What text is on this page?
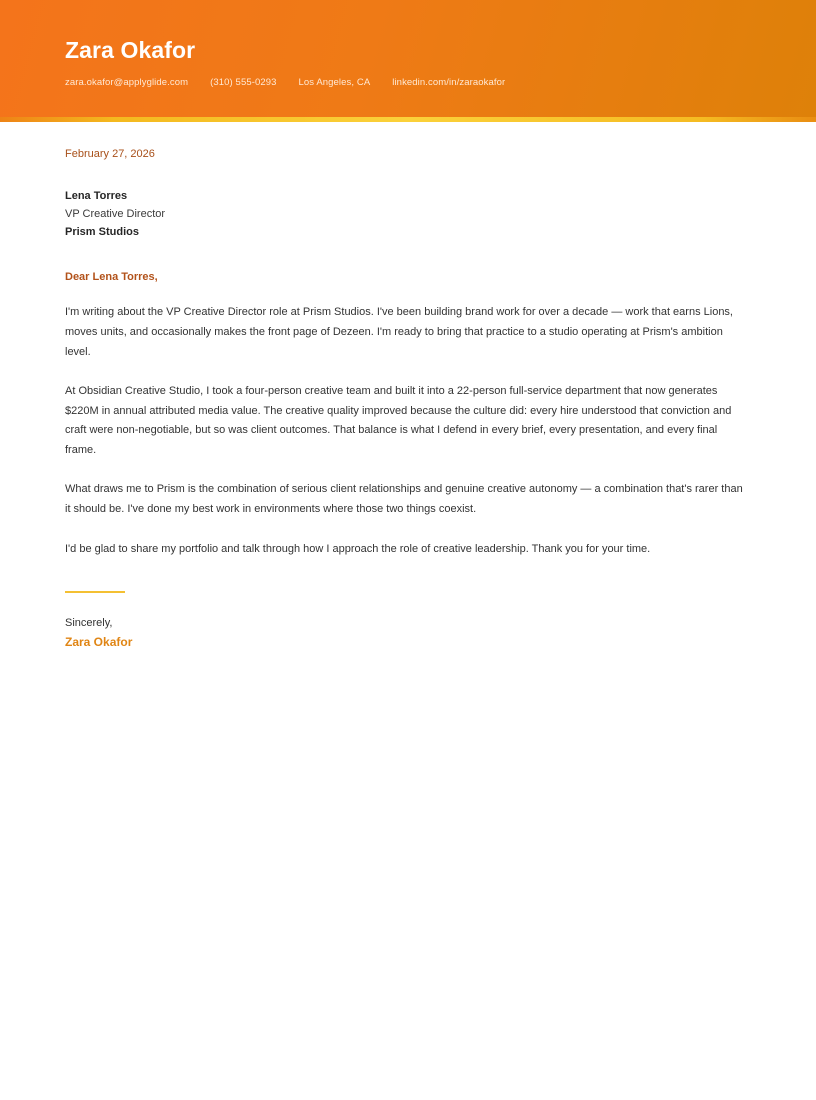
Zara Okafor
zara.okafor@applyglide.com (310) 555-0293 Los Angeles, CA linkedin.com/in/zaraokafor

February 27, 2026

Lena Torres
VP Creative Director
Prism Studios

Dear Lena Torres,

I'm writing about the VP Creative Director role at Prism Studios. I've been building brand work for over a decade — work that earns Lions, moves units, and occasionally makes the front page of Dezeen. I'm ready to bring that practice to a studio operating at Prism's ambition level.

At Obsidian Creative Studio, I took a four-person creative team and built it into a 22-person full-service department that now generates $220M in annual attributed media value. The creative quality improved because the culture did: every hire understood that conviction and craft were non-negotiable, but so was client outcomes. That balance is what I defend in every brief, every presentation, and every final frame.

What draws me to Prism is the combination of serious client relationships and genuine creative autonomy — a combination that's rarer than it should be. I've done my best work in environments where those two things coexist.

I'd be glad to share my portfolio and talk through how I approach the role of creative leadership. Thank you for your time.

Sincerely,

Zara Okafor
